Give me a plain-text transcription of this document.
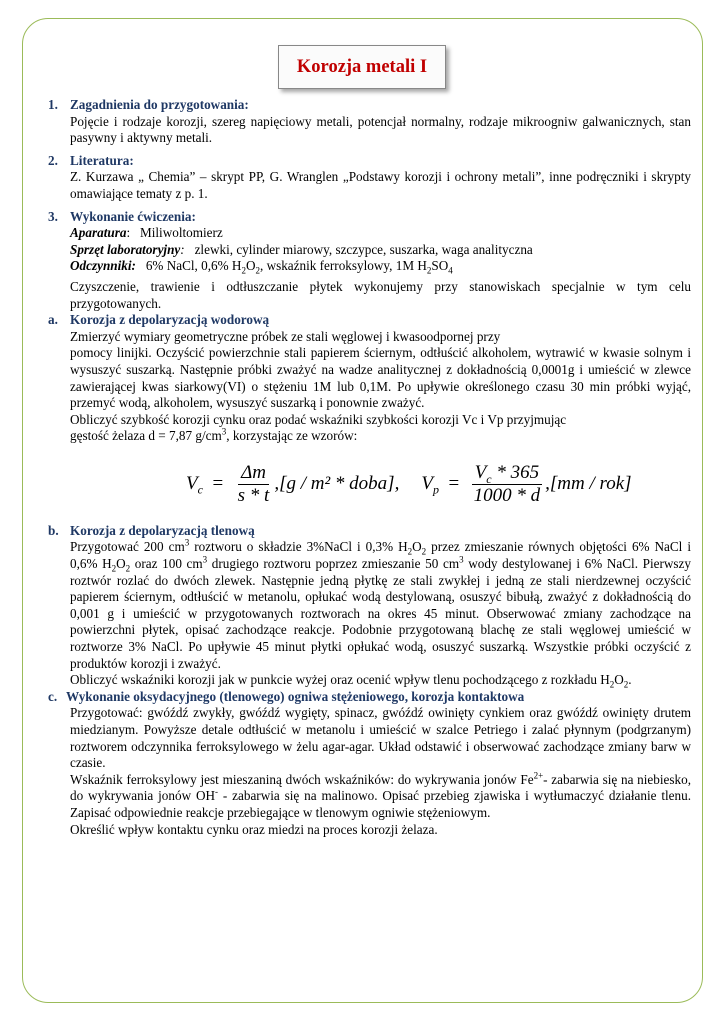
Korozja metali I
1. Zagadnienia do przygotowania:
Pojęcie i rodzaje korozji, szereg napięciowy metali, potencjał normalny, rodzaje mikroogniw galwanicznych, stan pasywny i aktywny metali.
2. Literatura:
Z. Kurzawa „ Chemia” – skrypt PP, G. Wranglen „Podstawy korozji i ochrony metali”, inne podręczniki i skrypty omawiające tematy z p. 1.
3. Wykonanie ćwiczenia:
Aparatura: Miliwoltomierz
Sprzęt laboratoryjny: zlewki, cylinder miarowy, szczypce, suszarka, waga analityczna
Odczynniki: 6% NaCl, 0,6% $H_2O_2$, wskaźnik ferroksylowy, 1M $H_2SO_4$
Czyszczenie, trawienie i odtłuszczanie płytek wykonujemy przy stanowiskach specjalnie w tym celu przygotowanych.
a. Korozja z depolaryzacją wodorową
Zmierzyć wymiary geometryczne próbek ze stali węglowej i kwasoodpornej przy
pomocy linijki. Oczyścić powierzchnie stali papierem ściernym, odtłuścić alkoholem, wytrawić w kwasie solnym i wysuszyć suszarką. Następnie próbki zważyć na wadze analitycznej z dokładnością 0,0001g i umieścić w zlewce zawierającej kwas siarkowy(VI) o stężeniu 1M lub 0,1M. Po upływie określonego czasu 30 min próbki wyjąć, przemyć wodą, alkoholem, wysuszyć suszarką i ponownie zważyć.
Obliczyć szybkość korozji cynku oraz podać wskaźniki szybkości korozji Vc i Vp przyjmując
gęstość żelaza d = 7,87 $g/cm^3$, korzystając ze wzorów:
$V_c = \frac{\Delta m}{s * t} ,[g / m^2$ * doba], $V_p = \frac{V_c * 365}{1000 * d} ,[mm / rok]$
b. Korozja z depolaryzacją tlenową
Przygotować 200 $cm^3$ roztworu o składzie 3%NaCl i 0,3% $H_2O_2$ przez zmieszanie równych objętości 6% NaCl i 0,6% $H_2O_2$ oraz 100 $cm^3$ drugiego roztworu poprzez zmieszanie 50 $cm^3$ wody destylowanej i 6% NaCl. Pierwszy roztwór rozlać do dwóch zlewek. Następnie jedną płytkę ze stali zwykłej i jedną ze stali nierdzewnej oczyścić papierem ściernym, odtłuścić w metanolu, opłukać wodą destylowaną, osuszyć bibułą, zważyć z dokładnością do 0,001 g i umieścić w przygotowanych roztworach na okres 45 minut. Obserwować zmiany zachodzące na powierzchni płytek, opisać zachodzące reakcje. Podobnie przygotowaną blachę ze stali węglowej umieścić w roztworze 3% NaCl. Po upływie 45 minut płytki opłukać wodą, osuszyć suszarką. Wszystkie próbki oczyścić z produktów korozji i zważyć.
Obliczyć wskaźniki korozji jak w punkcie wyżej oraz ocenić wpływ tlenu pochodzącego z rozkładu $H_2O_2$.
c. Wykonanie oksydacyjnego (tlenowego) ogniwa stężeniowego, korozja kontaktowa
Przygotować: gwóźdź zwykły, gwóźdź wygięty, spinacz, gwóźdź owinięty cynkiem oraz gwóźdź owinięty drutem miedzianym. Powyższe detale odtłuścić w metanolu i umieścić w szalce Petriego i zalać płynnym (podgrzanym) roztworem odczynnika ferroksylowego w żelu agar-agar. Układ odstawić i obserwować zachodzące zmiany barw w czasie.
Wskaźnik ferroksylowy jest mieszaniną dwóch wskaźników: do wykrywania jonów $Fe^{2+}-$ zabarwia się na niebiesko, do wykrywania jonów OH- - zabarwia się na malinowo. Opisać przebieg zjawiska i wytłumaczyć działanie tlenu. Zapisać odpowiednie reakcje przebiegające w tlenowym ogniwie stężeniowym.
Określić wpływ kontaktu cynku oraz miedzi na proces korozji żelaza.
